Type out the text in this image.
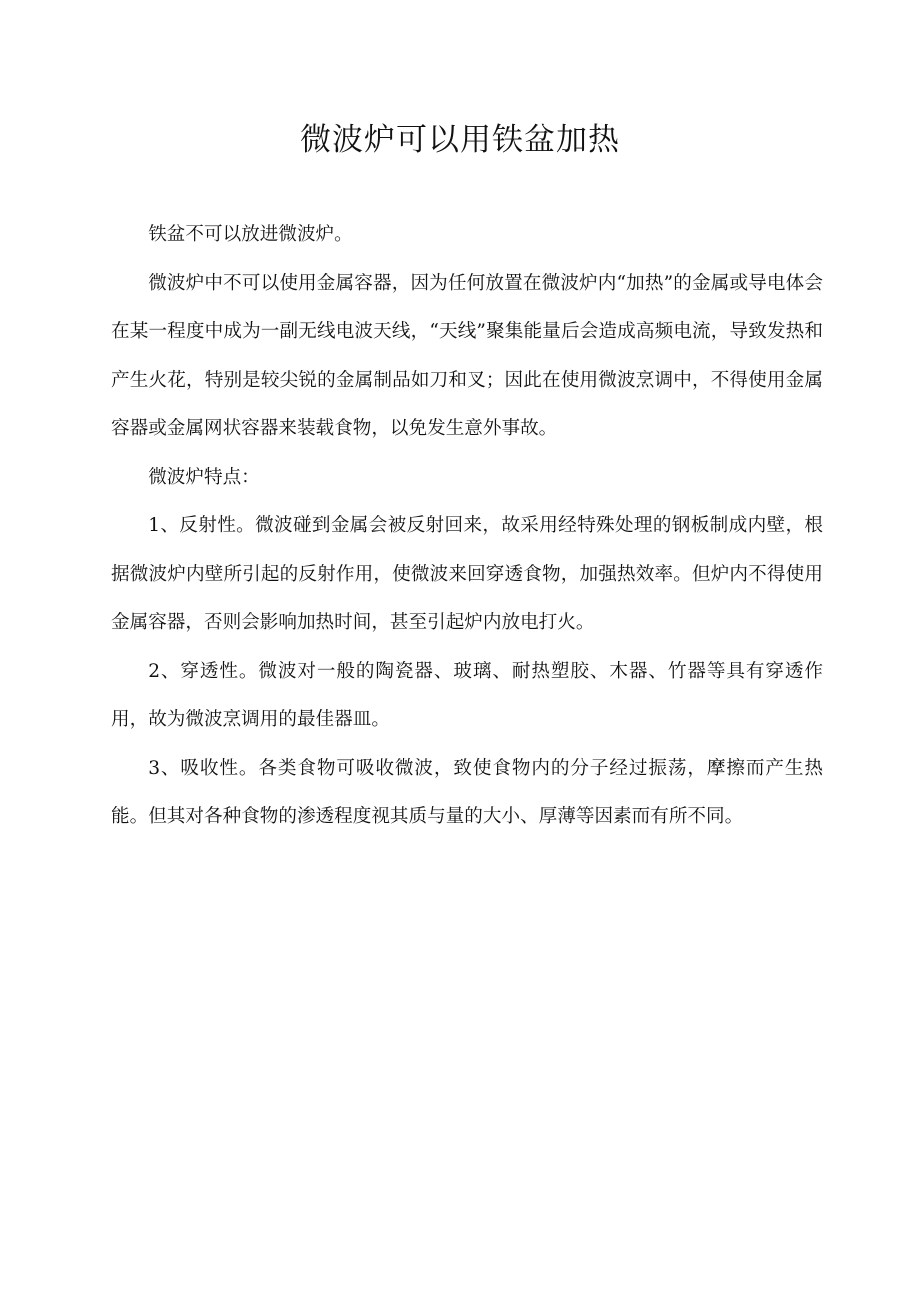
微波炉可以用铁盆加热

铁盆不可以放进微波炉。

微波炉中不可以使用金属容器，因为任何放置在微波炉内“加热”的金属或导电体会在某一程度中成为一副无线电波天线，“天线”聚集能量后会造成高频电流，导致发热和产生火花，特别是较尖锐的金属制品如刀和叉；因此在使用微波烹调中，不得使用金属容器或金属网状容器来装载食物，以免发生意外事故。

微波炉特点：

1、反射性。微波碰到金属会被反射回来，故采用经特殊处理的钢板制成内壁，根据微波炉内壁所引起的反射作用，使微波来回穿透食物，加强热效率。但炉内不得使用金属容器，否则会影响加热时间，甚至引起炉内放电打火。

2、穿透性。微波对一般的陶瓷器、玻璃、耐热塑胶、木器、竹器等具有穿透作用，故为微波烹调用的最佳器皿。

3、吸收性。各类食物可吸收微波，致使食物内的分子经过振荡，摩擦而产生热能。但其对各种食物的渗透程度视其质与量的大小、厚薄等因素而有所不同。
